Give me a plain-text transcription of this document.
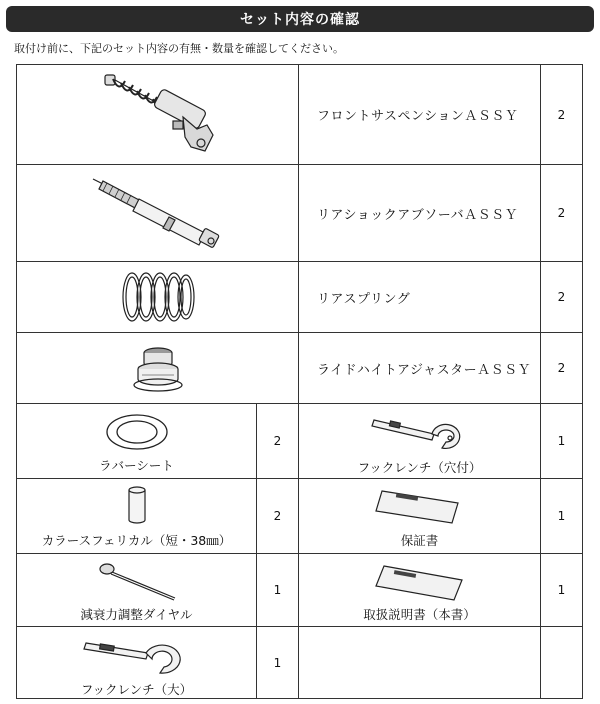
セット内容の確認
取付け前に、下記のセット内容の有無・数量を確認してください。
	フロントサスペンションＡＳＳＹ	2

	リアショックアブソーバＡＳＳＹ	2

	リアスプリング	2

	ライドハイトアジャスターＡＳＳＹ	2

ラバーシート	2	フックレンチ（穴付）	1

カラースフェリカル（短・38㎜）	2	保証書	1

減衰力調整ダイヤル	1	取扱説明書（本書）	1

フックレンチ（大）	1		
